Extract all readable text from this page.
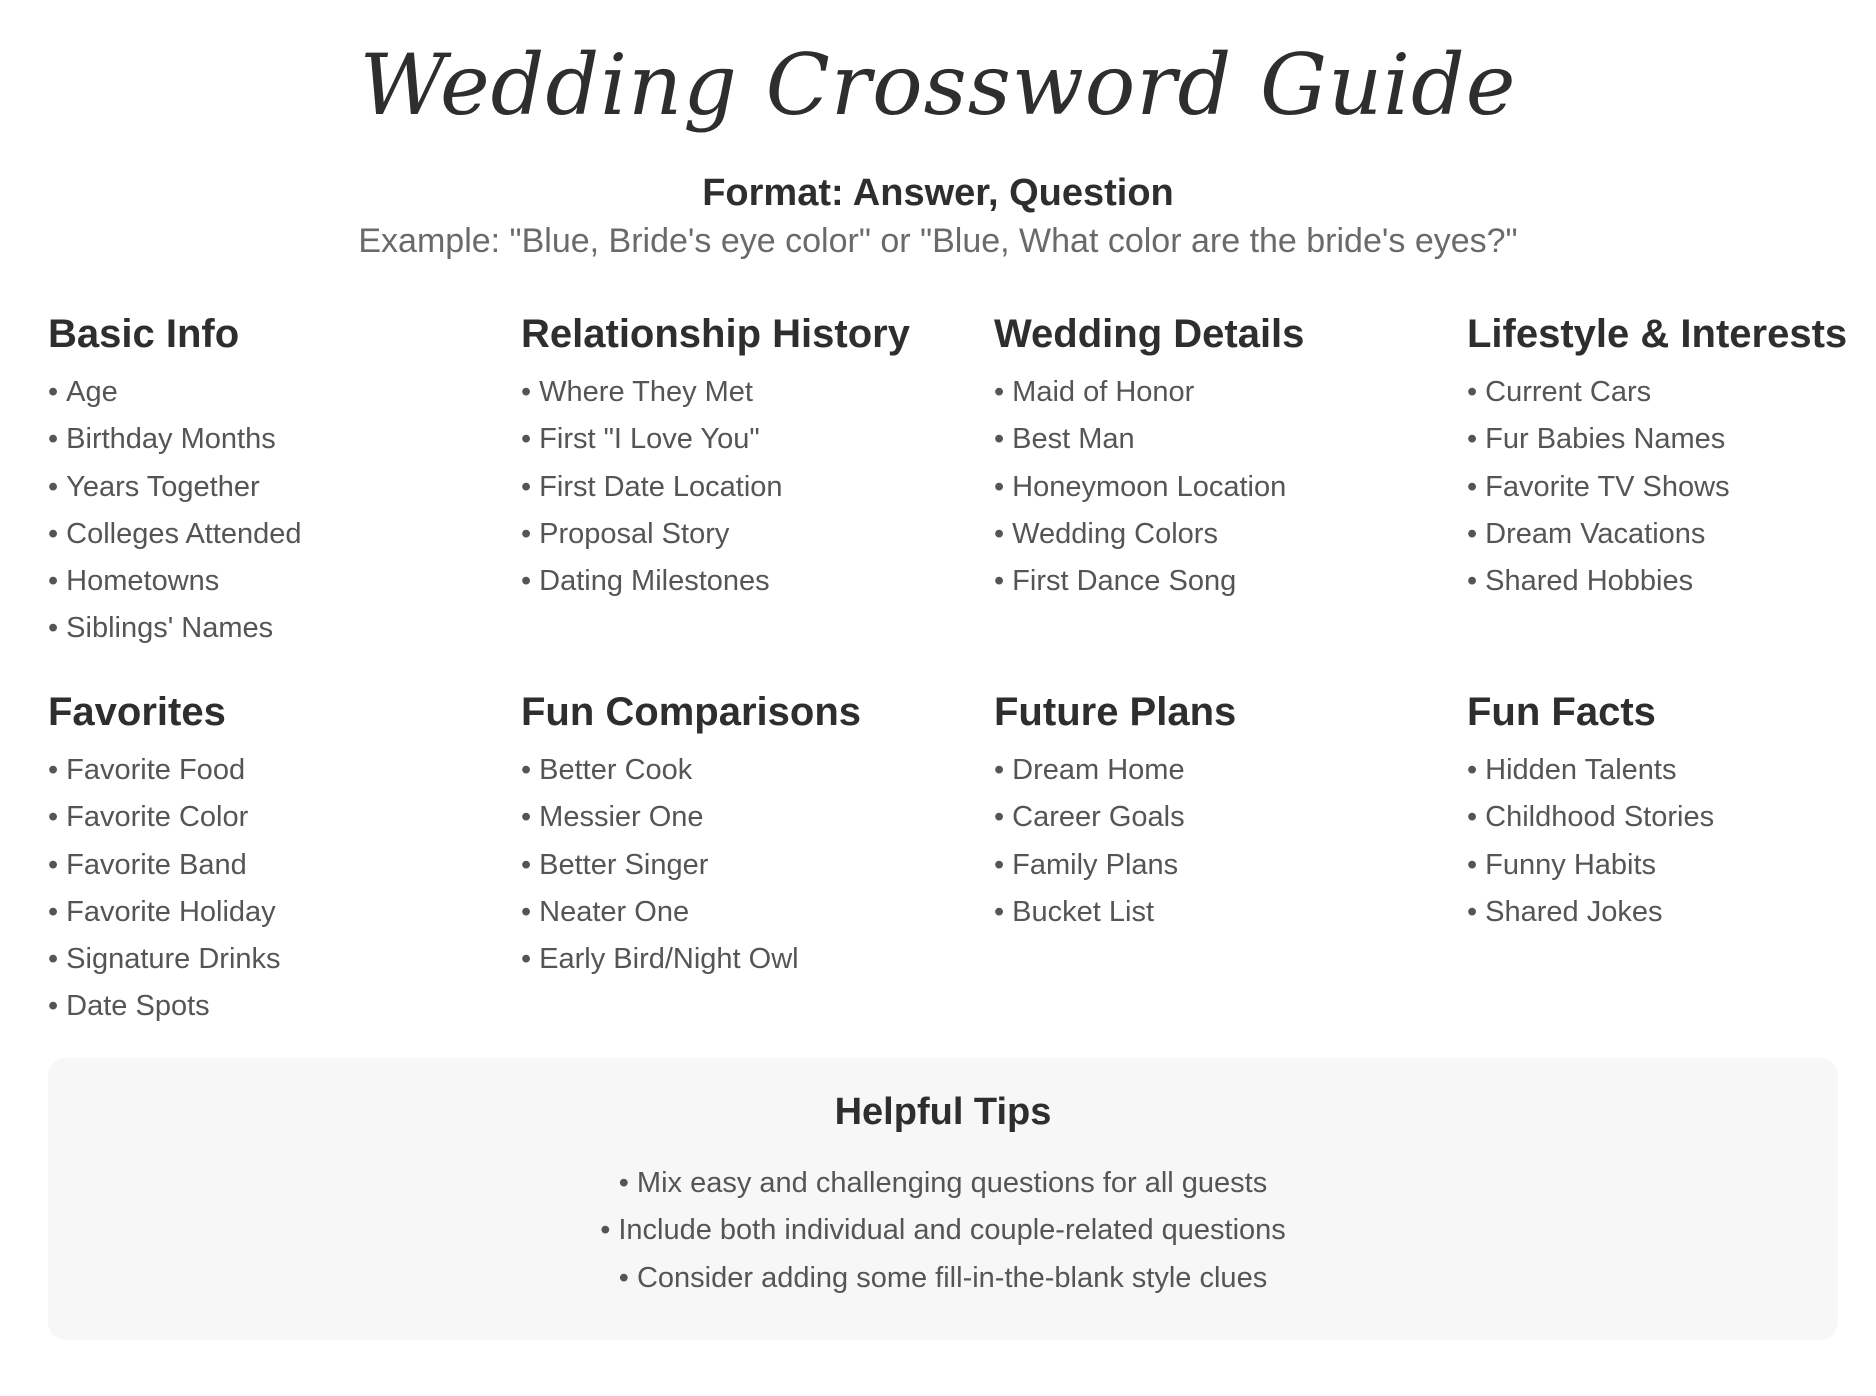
Wedding Crossword Guide
Format: Answer, Question
Example: "Blue, Bride's eye color" or "Blue, What color are the bride's eyes?"
Basic Info
• Age
• Birthday Months
• Years Together
• Colleges Attended
• Hometowns
• Siblings' Names
Relationship History
• Where They Met
• First "I Love You"
• First Date Location
• Proposal Story
• Dating Milestones
Wedding Details
• Maid of Honor
• Best Man
• Honeymoon Location
• Wedding Colors
• First Dance Song
Lifestyle & Interests
• Current Cars
• Fur Babies Names
• Favorite TV Shows
• Dream Vacations
• Shared Hobbies
Favorites
• Favorite Food
• Favorite Color
• Favorite Band
• Favorite Holiday
• Signature Drinks
• Date Spots
Fun Comparisons
• Better Cook
• Messier One
• Better Singer
• Neater One
• Early Bird/Night Owl
Future Plans
• Dream Home
• Career Goals
• Family Plans
• Bucket List
Fun Facts
• Hidden Talents
• Childhood Stories
• Funny Habits
• Shared Jokes
Helpful Tips
• Mix easy and challenging questions for all guests
• Include both individual and couple-related questions
• Consider adding some fill-in-the-blank style clues
